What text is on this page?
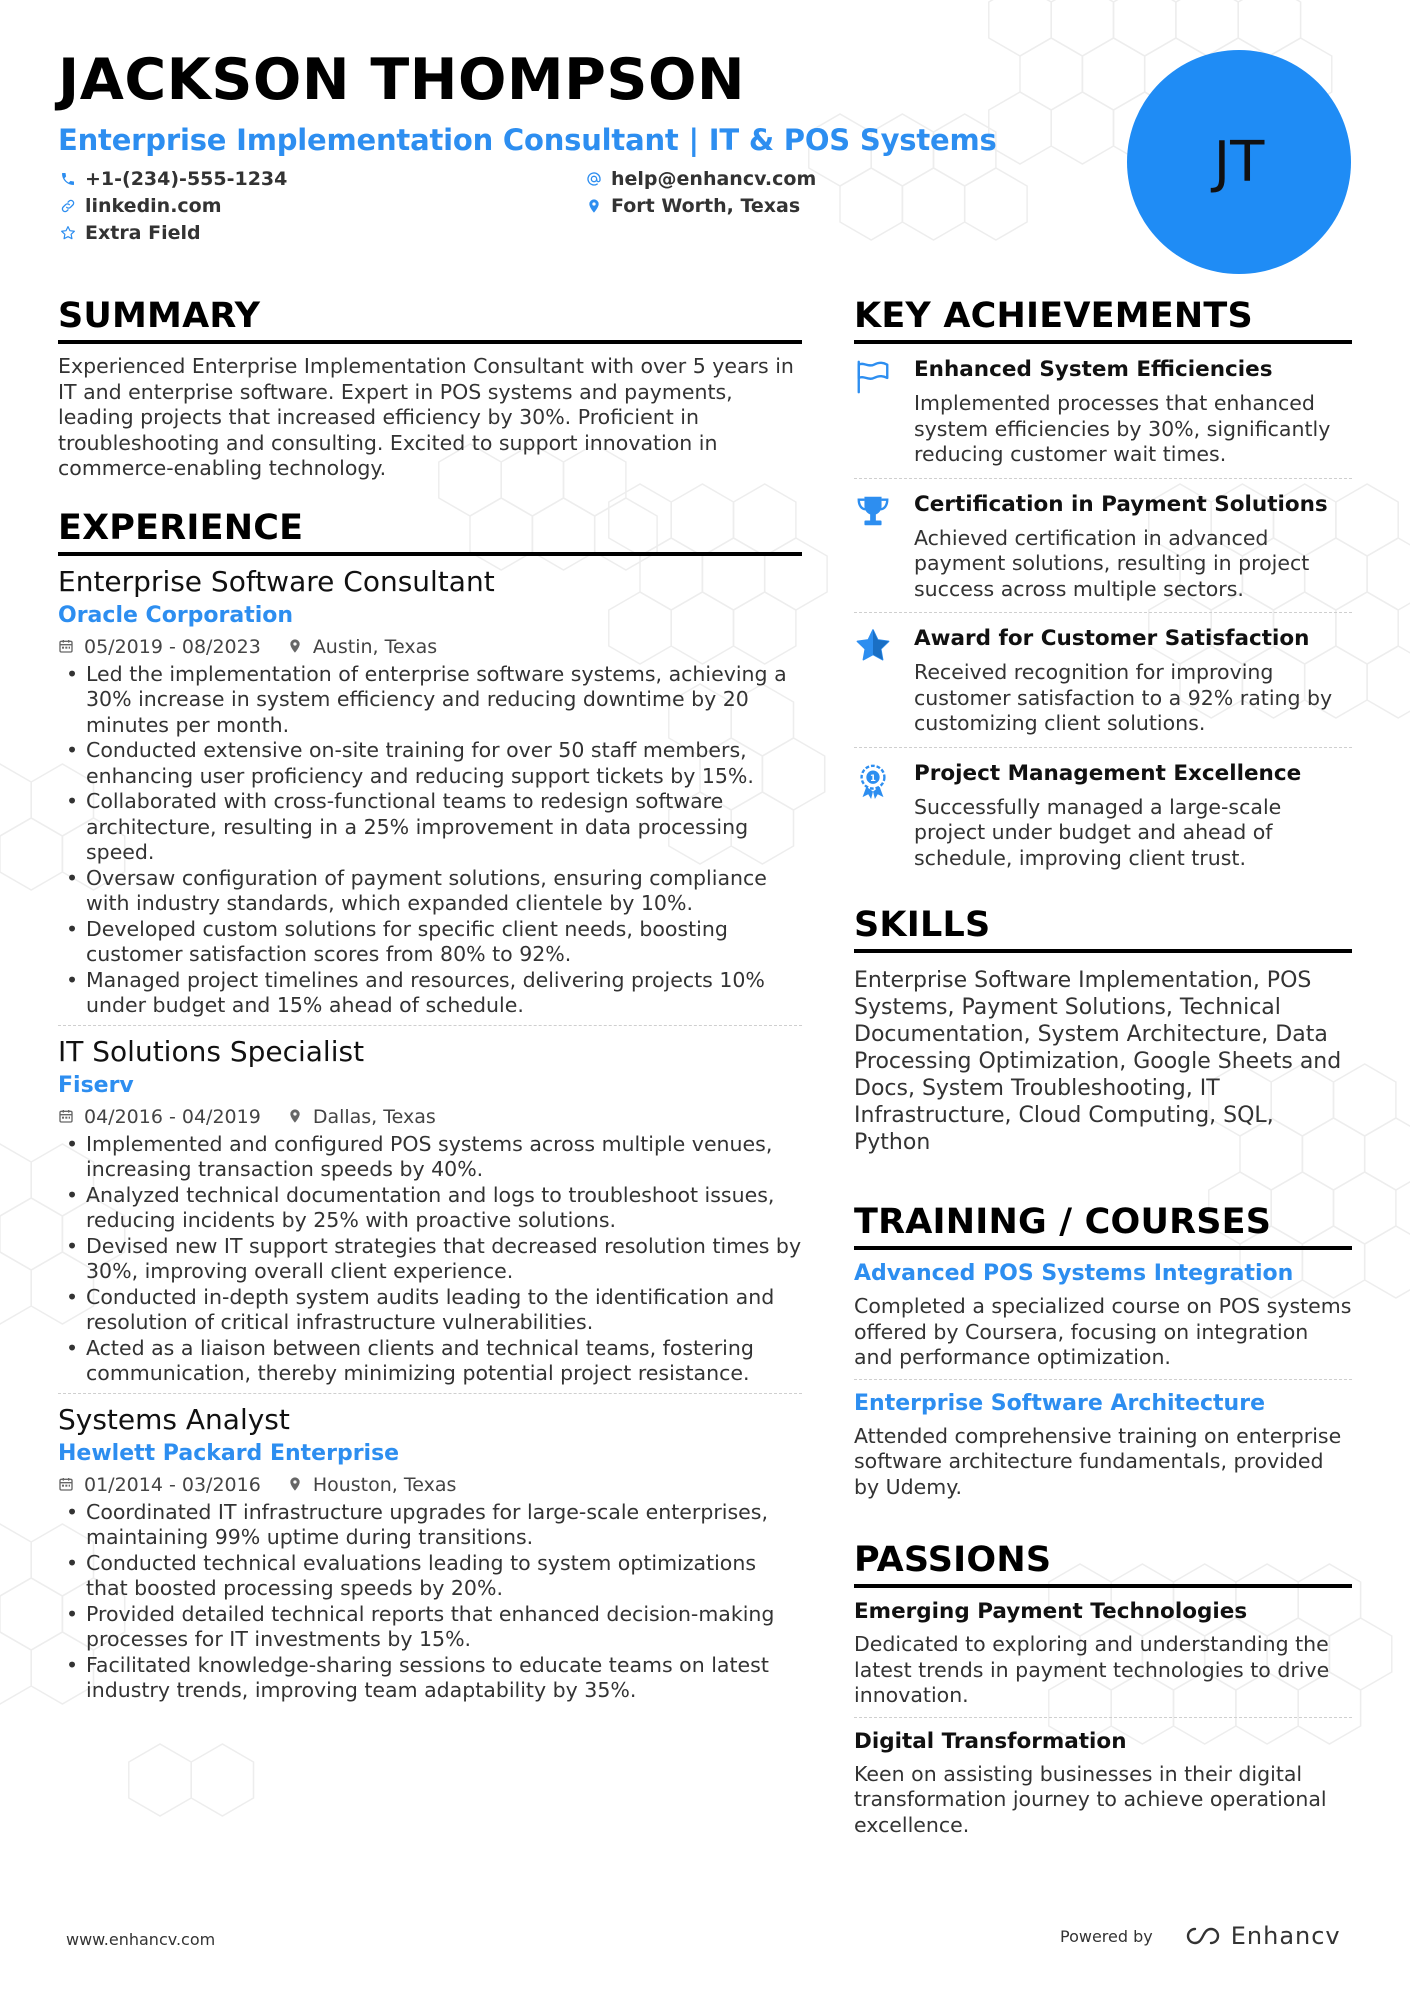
JACKSON THOMPSON
Enterprise Implementation Consultant | IT & POS Systems
+1-(234)-555-1234	help@enhancv.com
linkedin.com	Fort Worth, Texas
Extra Field
JT
SUMMARY
Experienced Enterprise Implementation Consultant with over 5 years in IT and enterprise software. Expert in POS systems and payments, leading projects that increased efficiency by 30%. Proficient in troubleshooting and consulting. Excited to support innovation in commerce-enabling technology.
EXPERIENCE
Enterprise Software Consultant
Oracle Corporation
05/2019 - 08/2023	Austin, Texas
• Led the implementation of enterprise software systems, achieving a 30% increase in system efficiency and reducing downtime by 20 minutes per month.
• Conducted extensive on-site training for over 50 staff members, enhancing user proficiency and reducing support tickets by 15%.
• Collaborated with cross-functional teams to redesign software architecture, resulting in a 25% improvement in data processing speed.
• Oversaw configuration of payment solutions, ensuring compliance with industry standards, which expanded clientele by 10%.
• Developed custom solutions for specific client needs, boosting customer satisfaction scores from 80% to 92%.
• Managed project timelines and resources, delivering projects 10% under budget and 15% ahead of schedule.
IT Solutions Specialist
Fiserv
04/2016 - 04/2019	Dallas, Texas
• Implemented and configured POS systems across multiple venues, increasing transaction speeds by 40%.
• Analyzed technical documentation and logs to troubleshoot issues, reducing incidents by 25% with proactive solutions.
• Devised new IT support strategies that decreased resolution times by 30%, improving overall client experience.
• Conducted in-depth system audits leading to the identification and resolution of critical infrastructure vulnerabilities.
• Acted as a liaison between clients and technical teams, fostering communication, thereby minimizing potential project resistance.
Systems Analyst
Hewlett Packard Enterprise
01/2014 - 03/2016	Houston, Texas
• Coordinated IT infrastructure upgrades for large-scale enterprises, maintaining 99% uptime during transitions.
• Conducted technical evaluations leading to system optimizations that boosted processing speeds by 20%.
• Provided detailed technical reports that enhanced decision-making processes for IT investments by 15%.
• Facilitated knowledge-sharing sessions to educate teams on latest industry trends, improving team adaptability by 35%.
KEY ACHIEVEMENTS
Enhanced System Efficiencies
Implemented processes that enhanced system efficiencies by 30%, significantly reducing customer wait times.
Certification in Payment Solutions
Achieved certification in advanced payment solutions, resulting in project success across multiple sectors.
Award for Customer Satisfaction
Received recognition for improving customer satisfaction to a 92% rating by customizing client solutions.
1 Project Management Excellence
Successfully managed a large-scale project under budget and ahead of schedule, improving client trust.
SKILLS
Enterprise Software Implementation, POS Systems, Payment Solutions, Technical Documentation, System Architecture, Data Processing Optimization, Google Sheets and Docs, System Troubleshooting, IT Infrastructure, Cloud Computing, SQL, Python
TRAINING / COURSES
Advanced POS Systems Integration
Completed a specialized course on POS systems offered by Coursera, focusing on integration and performance optimization.
Enterprise Software Architecture
Attended comprehensive training on enterprise software architecture fundamentals, provided by Udemy.
PASSIONS
Emerging Payment Technologies
Dedicated to exploring and understanding the latest trends in payment technologies to drive innovation.
Digital Transformation
Keen on assisting businesses in their digital transformation journey to achieve operational excellence.
www.enhancv.com	Powered by	Enhancv
